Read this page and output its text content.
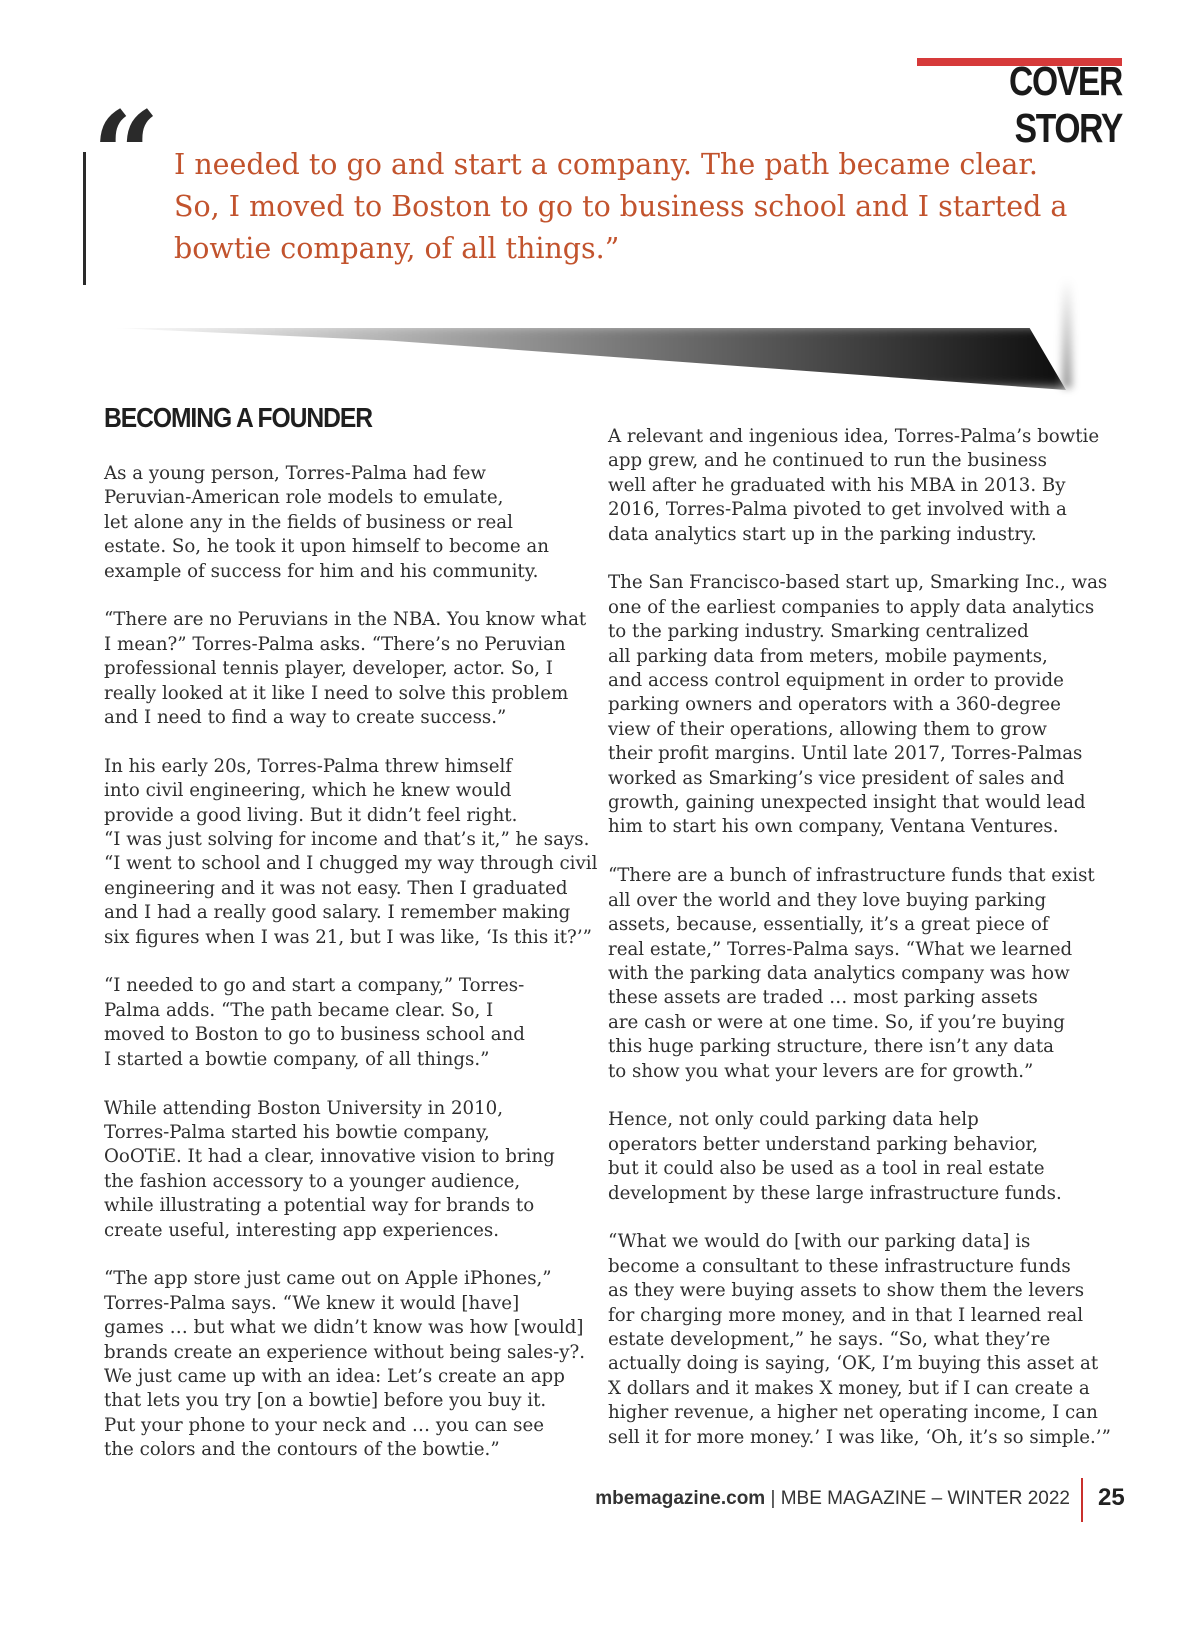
COVER STORY
“ I needed to go and start a company. The path became clear.

So, I moved to Boston to go to business school and I started a

bowtie company, of all things.”

BECOMING A FOUNDER
As a young person, Torres-Palma had few
Peruvian-American role models to emulate,
let alone any in the fields of business or real
estate. So, he took it upon himself to become an
example of success for him and his community.
“There are no Peruvians in the NBA. You know what
I mean?” Torres-Palma asks. “There’s no Peruvian
professional tennis player, developer, actor. So, I
really looked at it like I need to solve this problem
and I need to find a way to create success.”
In his early 20s, Torres-Palma threw himself
into civil engineering, which he knew would
provide a good living. But it didn’t feel right.
“I was just solving for income and that’s it,” he says.
“I went to school and I chugged my way through civil
engineering and it was not easy. Then I graduated
and I had a really good salary. I remember making
six figures when I was 21, but I was like, ‘Is this it?’”
“I needed to go and start a company,” Torres-
Palma adds. “The path became clear. So, I
moved to Boston to go to business school and
I started a bowtie company, of all things.”
While attending Boston University in 2010,
Torres-Palma started his bowtie company,
OoOTiE. It had a clear, innovative vision to bring
the fashion accessory to a younger audience,
while illustrating a potential way for brands to
create useful, interesting app experiences.
“The app store just came out on Apple iPhones,”
Torres-Palma says. “We knew it would [have]
games … but what we didn’t know was how [would]
brands create an experience without being sales-y?.
We just came up with an idea: Let’s create an app
that lets you try [on a bowtie] before you buy it.
Put your phone to your neck and … you can see
the colors and the contours of the bowtie.”
A relevant and ingenious idea, Torres-Palma’s bowtie
app grew, and he continued to run the business
well after he graduated with his MBA in 2013. By
2016, Torres-Palma pivoted to get involved with a
data analytics start up in the parking industry.
The San Francisco-based start up, Smarking Inc., was
one of the earliest companies to apply data analytics
to the parking industry. Smarking centralized
all parking data from meters, mobile payments,
and access control equipment in order to provide
parking owners and operators with a 360-degree
view of their operations, allowing them to grow
their profit margins. Until late 2017, Torres-Palmas
worked as Smarking’s vice president of sales and
growth, gaining unexpected insight that would lead
him to start his own company, Ventana Ventures.
“There are a bunch of infrastructure funds that exist
all over the world and they love buying parking
assets, because, essentially, it’s a great piece of
real estate,” Torres-Palma says. “What we learned
with the parking data analytics company was how
these assets are traded … most parking assets
are cash or were at one time. So, if you’re buying
this huge parking structure, there isn’t any data
to show you what your levers are for growth.”
Hence, not only could parking data help
operators better understand parking behavior,
but it could also be used as a tool in real estate
development by these large infrastructure funds.
“What we would do [with our parking data] is
become a consultant to these infrastructure funds
as they were buying assets to show them the levers
for charging more money, and in that I learned real
estate development,” he says. “So, what they’re
actually doing is saying, ‘OK, I’m buying this asset at
X dollars and it makes X money, but if I can create a
higher revenue, a higher net operating income, I can
sell it for more money.’ I was like, ‘Oh, it’s so simple.’”
mbemagazine.com | MBE MAGAZINE – WINTER 2022 25
